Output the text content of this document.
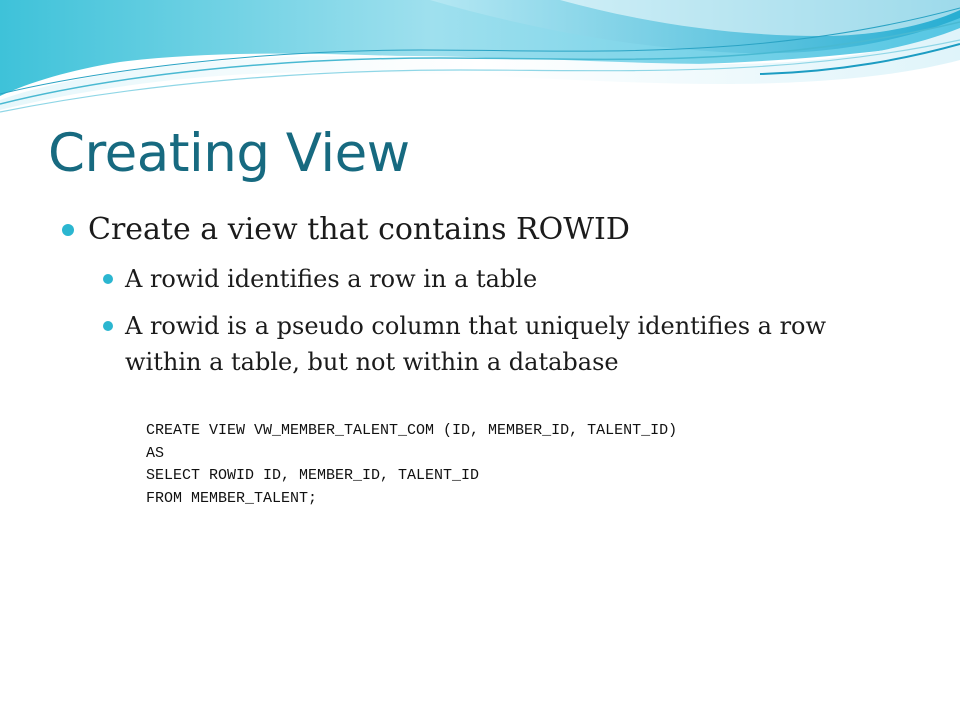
Creating View
Create a view that contains ROWID
A rowid identifies a row in a table
A rowid is a pseudo column that uniquely identifies a row within a table, but not within a database
CREATE VIEW VW_MEMBER_TALENT_COM (ID, MEMBER_ID, TALENT_ID)
AS
SELECT ROWID ID, MEMBER_ID, TALENT_ID
FROM MEMBER_TALENT;
